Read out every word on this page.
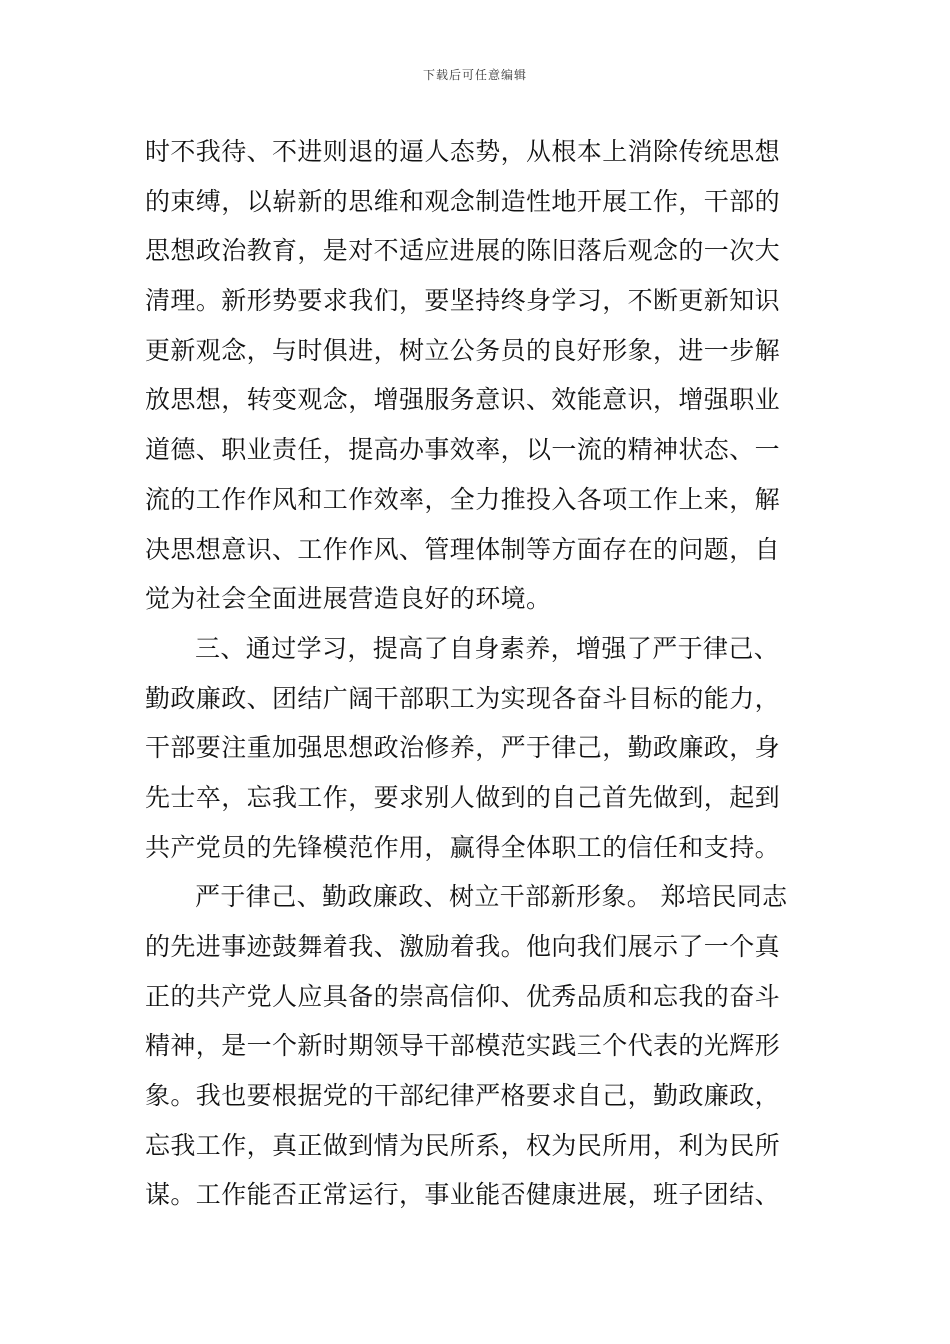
下载后可任意编辑
时不我待、不进则退的逼人态势，从根本上消除传统思想
的束缚，以崭新的思维和观念制造性地开展工作，干部的
思想政治教育，是对不适应进展的陈旧落后观念的一次大
清理。新形势要求我们，要坚持终身学习，不断更新知识
更新观念，与时俱进，树立公务员的良好形象，进一步解
放思想，转变观念，增强服务意识、效能意识，增强职业
道德、职业责任，提高办事效率，以一流的精神状态、一
流的工作作风和工作效率，全力推投入各项工作上来，解
决思想意识、工作作风、管理体制等方面存在的问题，自
觉为社会全面进展营造良好的环境。
三、通过学习，提高了自身素养，增强了严于律己、
勤政廉政、团结广阔干部职工为实现各奋斗目标的能力，
干部要注重加强思想政治修养，严于律己，勤政廉政，身
先士卒，忘我工作，要求别人做到的自己首先做到，起到
共产党员的先锋模范作用，赢得全体职工的信任和支持。
严于律己、勤政廉政、树立干部新形象。 郑培民同志
的先进事迹鼓舞着我、激励着我。他向我们展示了一个真
正的共产党人应具备的崇高信仰、优秀品质和忘我的奋斗
精神，是一个新时期领导干部模范实践三个代表的光辉形
象。我也要根据党的干部纪律严格要求自己，勤政廉政，
忘我工作，真正做到情为民所系，权为民所用，利为民所
谋。工作能否正常运行，事业能否健康进展，班子团结、
